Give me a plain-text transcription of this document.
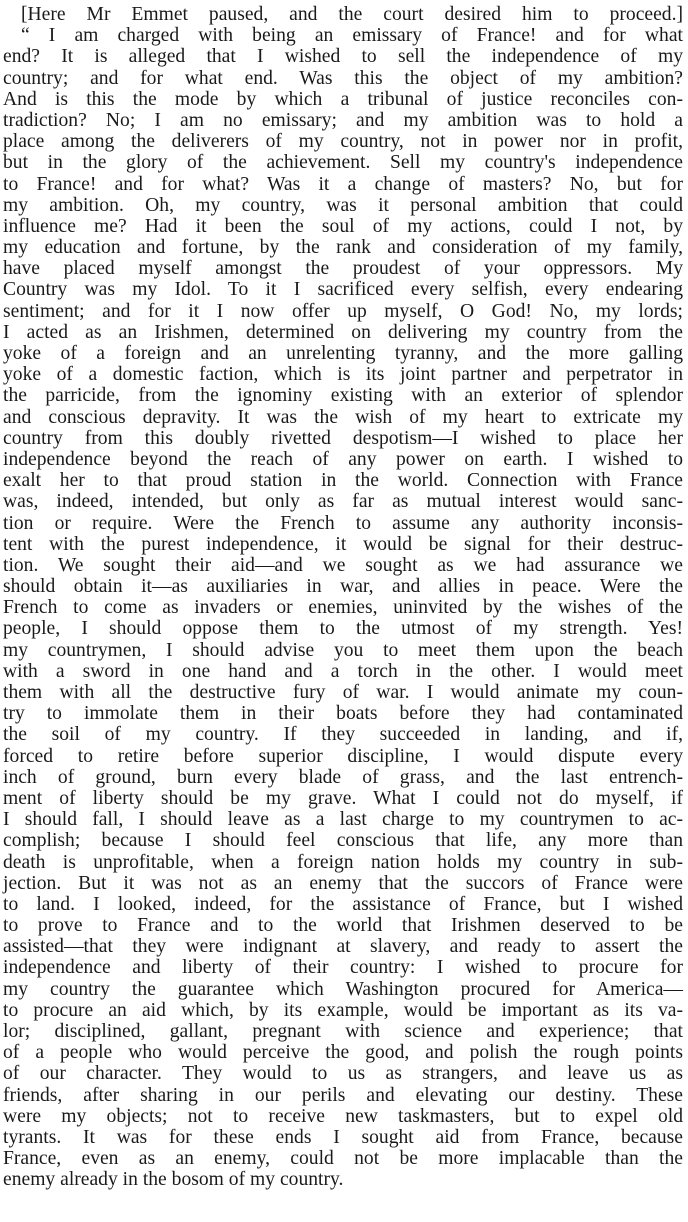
[Here Mr Emmet paused, and the court desired him to proceed.]
“ I am charged with being an emissary of France! and for what
end? It is alleged that I wished to sell the independence of my
country; and for what end. Was this the object of my ambition?
And is this the mode by which a tribunal of justice reconciles con-
tradiction? No; I am no emissary; and my ambition was to hold a
place among the deliverers of my country, not in power nor in profit,
but in the glory of the achievement. Sell my country's independence
to France! and for what? Was it a change of masters? No, but for
my ambition. Oh, my country, was it personal ambition that could
influence me? Had it been the soul of my actions, could I not, by
my education and fortune, by the rank and consideration of my family,
have placed myself amongst the proudest of your oppressors. My
Country was my Idol. To it I sacrificed every selfish, every endearing
sentiment; and for it I now offer up myself, O God! No, my lords;
I acted as an Irishmen, determined on delivering my country from the
yoke of a foreign and an unrelenting tyranny, and the more galling
yoke of a domestic faction, which is its joint partner and perpetrator in
the parricide, from the ignominy existing with an exterior of splendor
and conscious depravity. It was the wish of my heart to extricate my
country from this doubly rivetted despotism—I wished to place her
independence beyond the reach of any power on earth. I wished to
exalt her to that proud station in the world. Connection with France
was, indeed, intended, but only as far as mutual interest would sanc-
tion or require. Were the French to assume any authority inconsis-
tent with the purest independence, it would be signal for their destruc-
tion. We sought their aid—and we sought as we had assurance we
should obtain it—as auxiliaries in war, and allies in peace. Were the
French to come as invaders or enemies, uninvited by the wishes of the
people, I should oppose them to the utmost of my strength. Yes!
my countrymen, I should advise you to meet them upon the beach
with a sword in one hand and a torch in the other. I would meet
them with all the destructive fury of war. I would animate my coun-
try to immolate them in their boats before they had contaminated
the soil of my country. If they succeeded in landing, and if,
forced to retire before superior discipline, I would dispute every
inch of ground, burn every blade of grass, and the last entrench-
ment of liberty should be my grave. What I could not do myself, if
I should fall, I should leave as a last charge to my countrymen to ac-
complish; because I should feel conscious that life, any more than
death is unprofitable, when a foreign nation holds my country in sub-
jection. But it was not as an enemy that the succors of France were
to land. I looked, indeed, for the assistance of France, but I wished
to prove to France and to the world that Irishmen deserved to be
assisted—that they were indignant at slavery, and ready to assert the
independence and liberty of their country: I wished to procure for
my country the guarantee which Washington procured for America—
to procure an aid which, by its example, would be important as its va-
lor; disciplined, gallant, pregnant with science and experience; that
of a people who would perceive the good, and polish the rough points
of our character. They would to us as strangers, and leave us as
friends, after sharing in our perils and elevating our destiny. These
were my objects; not to receive new taskmasters, but to expel old
tyrants. It was for these ends I sought aid from France, because
France, even as an enemy, could not be more implacable than the
enemy already in the bosom of my country.
